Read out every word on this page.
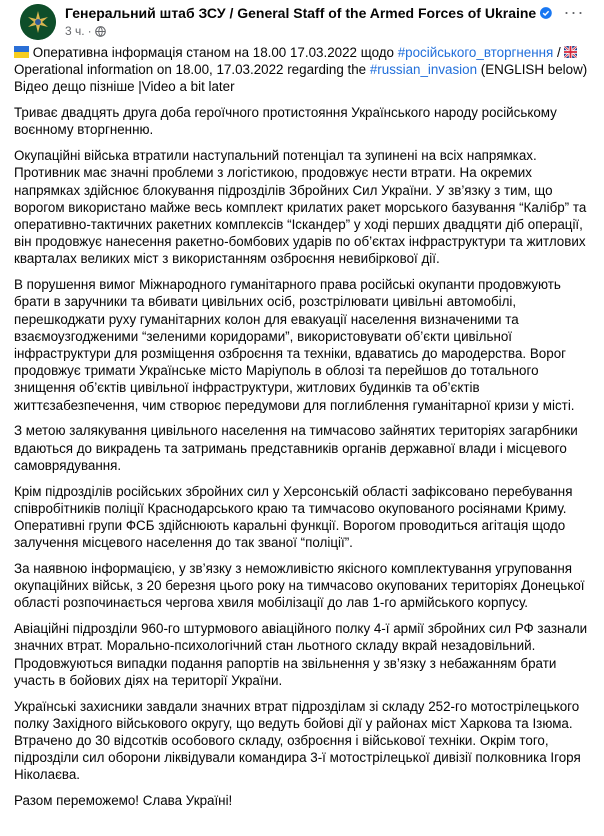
Генеральний штаб ЗСУ / General Staff of the Armed Forces of Ukraine
3 ч. ·
···

Оперативна інформація станом на 18.00 17.03.2022 щодо #російського_вторгнення /
Operational information on 18.00, 17.03.2022 regarding the #russian_invasion (ENGLISH below)
Відео дещо пізніше |Video a bit later

Триває двадцять друга доба героїчного протистояння Українського народу російському воєнному вторгненню.

Окупаційні війська втратили наступальний потенціал та зупинені на всіх напрямках. Противник має значні проблеми з логістикою, продовжує нести втрати. На окремих напрямках здійснює блокування підрозділів Збройних Сил України. У зв’язку з тим, що ворогом використано майже весь комплект крилатих ракет морського базування “Калібр” та оперативно-тактичних ракетних комплексів “Іскандер” у ході перших двадцяти діб операції, він продовжує нанесення ракетно-бомбових ударів по об’єктах інфраструктури та житлових кварталах великих міст з використанням озброєння невибіркової дії.

В порушення вимог Міжнародного гуманітарного права російські окупанти продовжують брати в заручники та вбивати цивільних осіб, розстрілювати цивільні автомобілі, перешкоджати руху гуманітарних колон для евакуації населення визначеними та взаємоузгодженими “зеленими коридорами”, використовувати об’єкти цивільної інфраструктури для розміщення озброєння та техніки, вдаватись до мародерства. Ворог продовжує тримати Українське місто Маріуполь в облозі та перейшов до тотального знищення об’єктів цивільної інфраструктури, житлових будинків та об’єктів життєзабезпечення, чим створює передумови для поглиблення гуманітарної кризи у місті.

З метою залякування цивільного населення на тимчасово зайнятих територіях загарбники вдаються до викрадень та затримань представників органів державної влади і місцевого самоврядування.

Крім підрозділів російських збройних сил у Херсонській області зафіксовано перебування співробітників поліції Краснодарського краю та тимчасово окупованого росіянами Криму. Оперативні групи ФСБ здійснюють каральні функції. Ворогом проводиться агітація щодо залучення місцевого населення до так званої “поліції”.

За наявною інформацією, у зв’язку з неможливістю якісного комплектування угруповання окупаційних військ, з 20 березня цього року на тимчасово окупованих територіях Донецької області розпочинається чергова хвиля мобілізації до лав 1-го армійського корпусу.

Авіаційні підрозділи 960-го штурмового авіаційного полку 4-ї армії збройних сил РФ зазнали значних втрат. Морально-психологічний стан льотного складу вкрай незадовільний. Продовжуються випадки подання рапортів на звільнення у зв’язку з небажанням брати участь в бойових діях на території України.

Українські захисники завдали значних втрат підрозділам зі складу 252-го мотострілецького полку Західного військового округу, що ведуть бойові дії у районах міст Харкова та Ізюма. Втрачено до 30 відсотків особового складу, озброєння і військової техніки. Окрім того, підрозділи сил оборони ліквідували командира 3-ї мотострілецької дивізії полковника Ігоря Ніколаєва.

Разом переможемо! Слава Україні!
